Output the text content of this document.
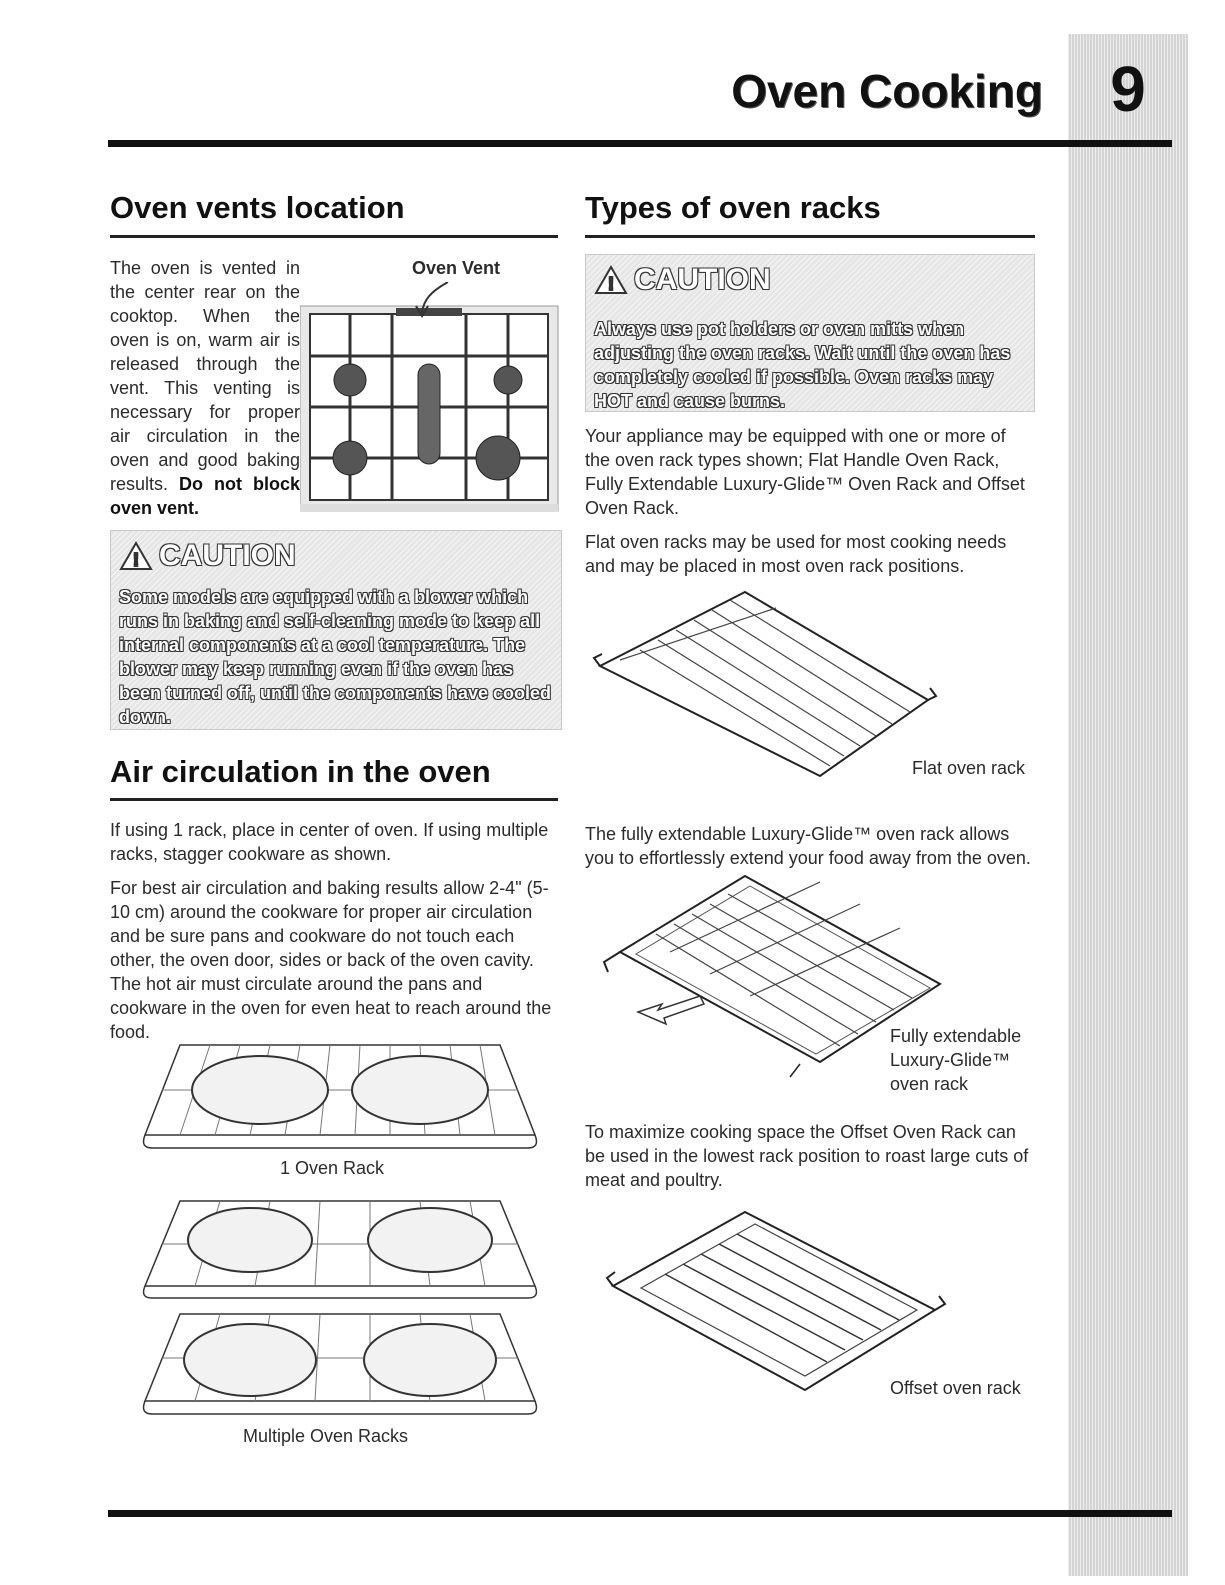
9
Oven Cooking
Oven vents location
The oven is vented in the center rear on the cooktop. When the oven is on, warm air is released through the vent. This venting is necessary for proper air circulation in the oven and good baking results. Do not block oven vent.
Oven Vent
! CAUTION
Some models are equipped with a blower which runs in baking and self-cleaning mode to keep all internal components at a cool temperature. The blower may keep running even if the oven has been turned off, until the components have cooled down.
Air circulation in the oven

If using 1 rack, place in center of oven. If using multiple racks, stagger cookware as shown.

For best air circulation and baking results allow 2-4" (5-10 cm) around the cookware for proper air circulation and be sure pans and cookware do not touch each other, the oven door, sides or back of the oven cavity. The hot air must circulate around the pans and cookware in the oven for even heat to reach around the food.

1 Oven Rack
Multiple Oven Racks
Types of oven racks
! CAUTION
Always use pot holders or oven mitts when adjusting the oven racks. Wait until the oven has completely cooled if possible. Oven racks may HOT and cause burns.

Your appliance may be equipped with one or more of the oven rack types shown; Flat Handle Oven Rack, Fully Extendable Luxury-Glide™ Oven Rack and Offset Oven Rack.

Flat oven racks may be used for most cooking needs and may be placed in most oven rack positions.

Flat oven rack

The fully extendable Luxury-Glide™ oven rack allows you to effortlessly extend your food away from the oven.

Fully extendable
Luxury-Glide™
oven rack

To maximize cooking space the Offset Oven Rack can be used in the lowest rack position to roast large cuts of meat and poultry.

Offset oven rack
